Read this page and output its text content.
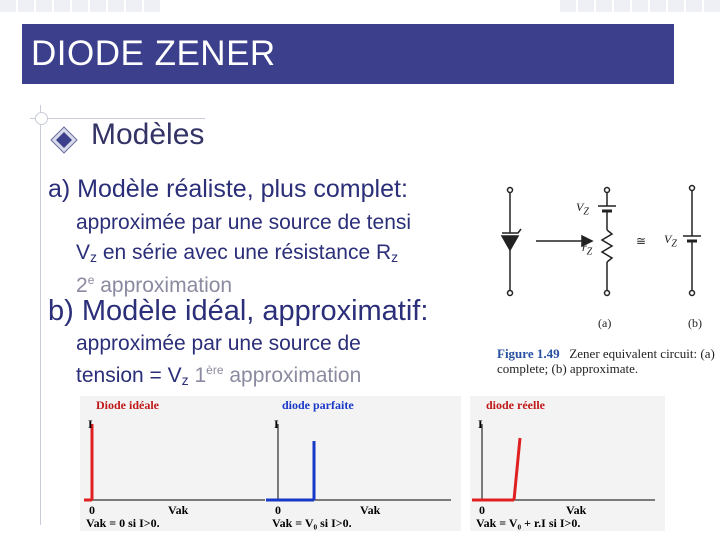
DIODE ZENER
Modèles
a) Modèle réaliste, plus complet:
approximée par une source de tensi
$V_z$ en série avec une résistance $R_z$
2e approximation
b) Modèle idéal, approximatif:
approximée par une source de
tension = $V_z$ 1ère approximation
$V_Z$
$r_Z$
≅ $V_Z$
(a)	(b)
Figure 1.49 Zener equivalent circuit: (a) complete; (b) approximate.
Diode idéale
I
0	Vak
Vak = 0 si I>0.
diode parfaite
I
0	Vak
Vak = V₀ si I>0.
diode réelle
I
0	Vak
Vak = V₀ + r.I si I>0.
